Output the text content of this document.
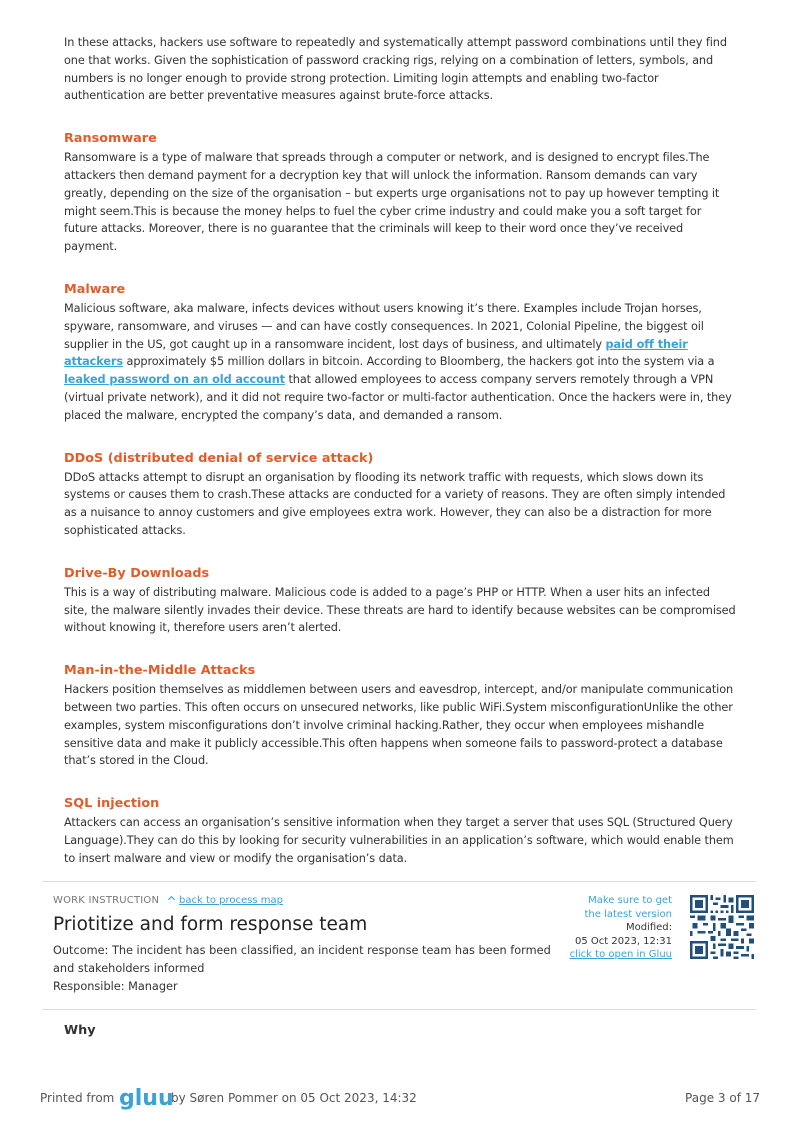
In these attacks, hackers use software to repeatedly and systematically attempt password combinations until they find one that works. Given the sophistication of password cracking rigs, relying on a combination of letters, symbols, and numbers is no longer enough to provide strong protection. Limiting login attempts and enabling two-factor authentication are better preventative measures against brute-force attacks.

Ransomware

Ransomware is a type of malware that spreads through a computer or network, and is designed to encrypt files.The attackers then demand payment for a decryption key that will unlock the information. Ransom demands can vary greatly, depending on the size of the organisation – but experts urge organisations not to pay up however tempting it might seem.This is because the money helps to fuel the cyber crime industry and could make you a soft target for future attacks. Moreover, there is no guarantee that the criminals will keep to their word once they’ve received payment.

Malware

Malicious software, aka malware, infects devices without users knowing it’s there. Examples include Trojan horses, spyware, ransomware, and viruses — and can have costly consequences. In 2021, Colonial Pipeline, the biggest oil supplier in the US, got caught up in a ransomware incident, lost days of business, and ultimately paid off their attackers approximately $5 million dollars in bitcoin. According to Bloomberg, the hackers got into the system via a leaked password on an old account that allowed employees to access company servers remotely through a VPN (virtual private network), and it did not require two-factor or multi-factor authentication. Once the hackers were in, they placed the malware, encrypted the company’s data, and demanded a ransom.

DDoS (distributed denial of service attack)

DDoS attacks attempt to disrupt an organisation by flooding its network traffic with requests, which slows down its systems or causes them to crash.These attacks are conducted for a variety of reasons. They are often simply intended as a nuisance to annoy customers and give employees extra work. However, they can also be a distraction for more sophisticated attacks.

Drive-By Downloads

This is a way of distributing malware. Malicious code is added to a page’s PHP or HTTP. When a user hits an infected site, the malware silently invades their device. These threats are hard to identify because websites can be compromised without knowing it, therefore users aren’t alerted.

Man-in-the-Middle Attacks

Hackers position themselves as middlemen between users and eavesdrop, intercept, and/or manipulate communication between two parties. This often occurs on unsecured networks, like public WiFi.System misconfigurationUnlike the other examples, system misconfigurations don’t involve criminal hacking.Rather, they occur when employees mishandle sensitive data and make it publicly accessible.This often happens when someone fails to password-protect a database that’s stored in the Cloud.

SQL injection

Attackers can access an organisation’s sensitive information when they target a server that uses SQL (Structured Query Language).They can do this by looking for security vulnerabilities in an application’s software, which would enable them to insert malware and view or modify the organisation’s data.

WORK INSTRUCTION back to process map
Priotitize and form response team
Outcome: The incident has been classified, an incident response team has been formed and stakeholders informed
Responsible: Manager
Make sure to get
the latest version
Modified:
05 Oct 2023, 12:31
click to open in Gluu
Why
Printed from gluu
by Søren Pommer on 05 Oct 2023, 14:32	Page 3 of 17
